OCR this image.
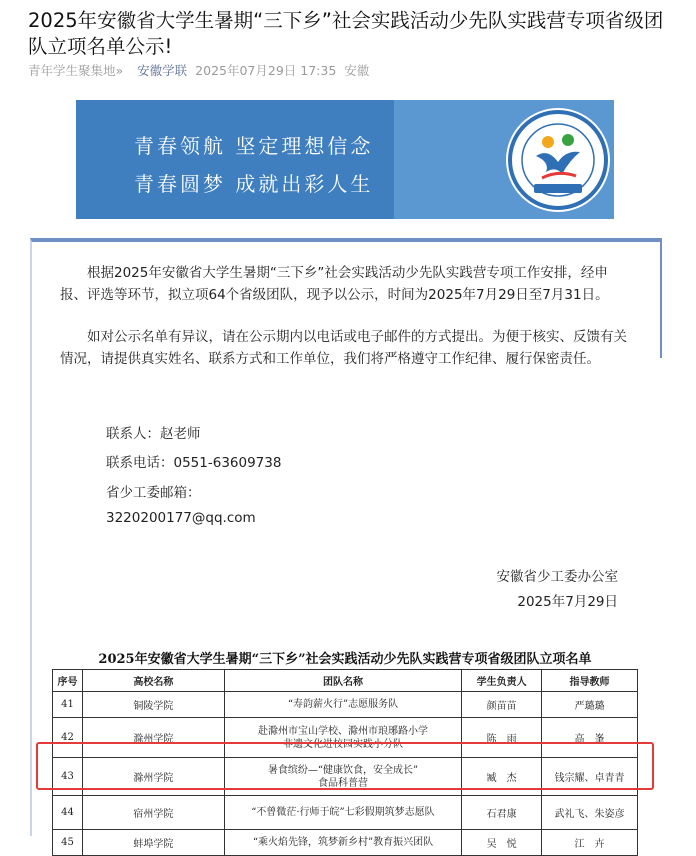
2025年安徽省大学生暑期“三下乡”社会实践活动少先队实践营专项省级团队立项名单公示!
青年学生聚集地» 安徽学联 2025年07月29日 17:35 安徽
青春领航 坚定理想信念
青春圆梦 成就出彩人生
根据2025年安徽省大学生暑期“三下乡”社会实践活动少先队实践营专项工作安排，经申报、评选等环节，拟立项64个省级团队，现予以公示，时间为2025年7月29日至7月31日。
如对公示名单有异议，请在公示期内以电话或电子邮件的方式提出。为便于核实、反馈有关情况，请提供真实姓名、联系方式和工作单位，我们将严格遵守工作纪律、履行保密责任。
联系人：赵老师
联系电话：0551-63609738
省少工委邮箱：
3220200177@qq.com
安徽省少工委办公室
2025年7月29日
2025年安徽省大学生暑期“三下乡”社会实践活动少先队实践营专项省级团队立项名单
序号	高校名称	团队名称	学生负责人	指导教师
41	铜陵学院	“寿韵薪火行”志愿服务队	颜苗苗	严璐璐
42	滁州学院	赴滁州市宝山学校、滁州市琅琊路小学
非遗文化进校园实践小分队	陈　雨	高　峯
43	滁州学院	暑食缤纷—“健康饮食，安全成长”
食品科普营	臧　杰	钱宗耀、卓青青
44	宿州学院	“不曾微茫·行师于皖”七彩假期筑梦志愿队	石君康	武礼飞、朱姿彦
45	蚌埠学院	“乘火焰先锋，筑梦新乡村”教育振兴团队	吴　悦	江　卉
